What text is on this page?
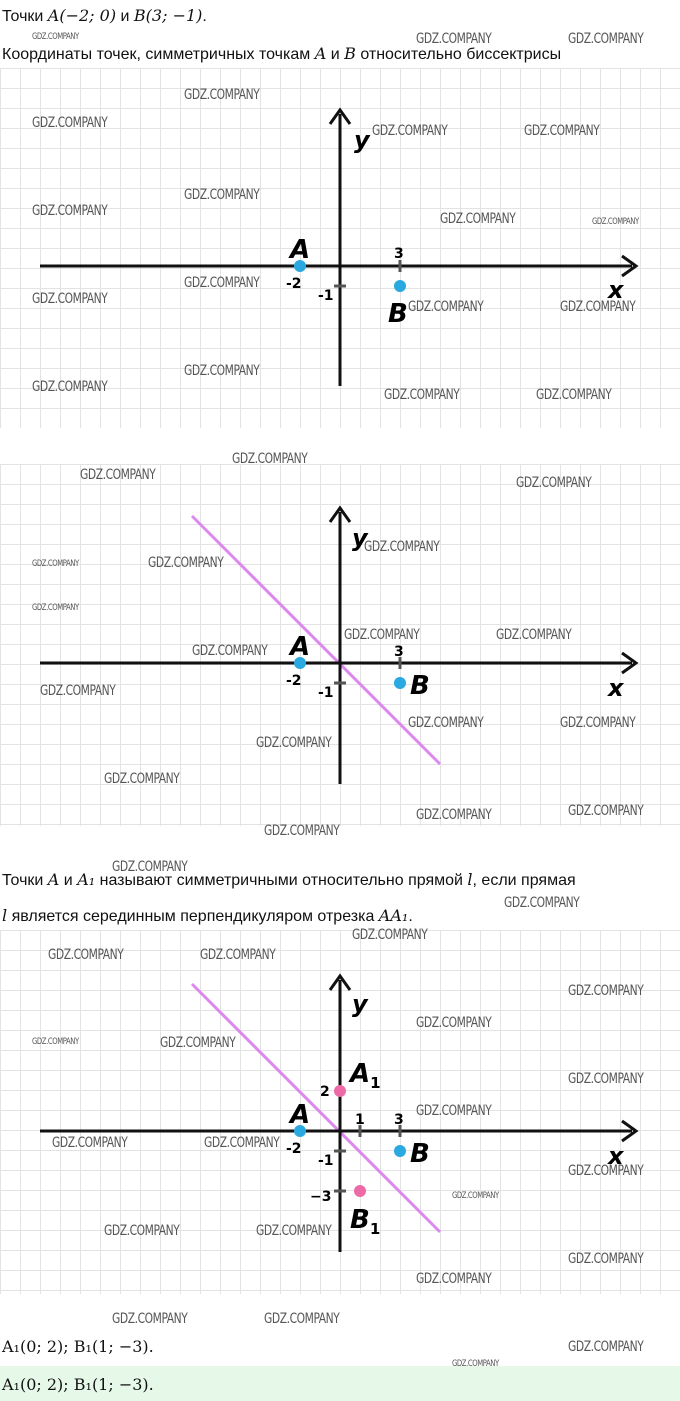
Точки A(−2; 0) и B(3; −1).
Координаты точек, симметричных точкам A и B относительно биссектрисы
A
B
-2
3
-1	x
y
A
B
-2
3
-1	x
y
Точки A и A₁ называют симметричными относительно прямой l, если прямая
l является серединным перпендикуляром отрезка AA₁.
A
B
$A_1$
$B_1$
-2
3
1
2
-1
−3
x
y
A₁(0; 2); B₁(1; −3).
A₁(0; 2); B₁(1; −3).
GDZ.COMPANY	GDZ.COMPANY	GDZ.COMPANY
GDZ.COMPANY
GDZ.COMPANY	GDZ.COMPANY	GDZ.COMPANY
GDZ.COMPANY
GDZ.COMPANY	GDZ.COMPANY	GDZ.COMPANY
GDZ.COMPANY
GDZ.COMPANY	GDZ.COMPANY	GDZ.COMPANY
GDZ.COMPANY
GDZ.COMPANY	GDZ.COMPANY	GDZ.COMPANY
GDZ.COMPANY
GDZ.COMPANY	GDZ.COMPANY
GDZ.COMPANY
GDZ.COMPANY
GDZ.COMPANY
GDZ.COMPANY
GDZ.COMPANY	GDZ.COMPANY
GDZ.COMPANY
GDZ.COMPANY
GDZ.COMPANY	GDZ.COMPANY
GDZ.COMPANY
GDZ.COMPANY
GDZ.COMPANY
GDZ.COMPANY
GDZ.COMPANY
GDZ.COMPANY
GDZ.COMPANY
GDZ.COMPANY
GDZ.COMPANY	GDZ.COMPANY
GDZ.COMPANY
GDZ.COMPANY
GDZ.COMPANY	GDZ.COMPANY
GDZ.COMPANY
GDZ.COMPANY
GDZ.COMPANY	GDZ.COMPANY
GDZ.COMPANY
GDZ.COMPANY
GDZ.COMPANY	GDZ.COMPANY
GDZ.COMPANY
GDZ.COMPANY
GDZ.COMPANY	GDZ.COMPANY
GDZ.COMPANY
GDZ.COMPANY
